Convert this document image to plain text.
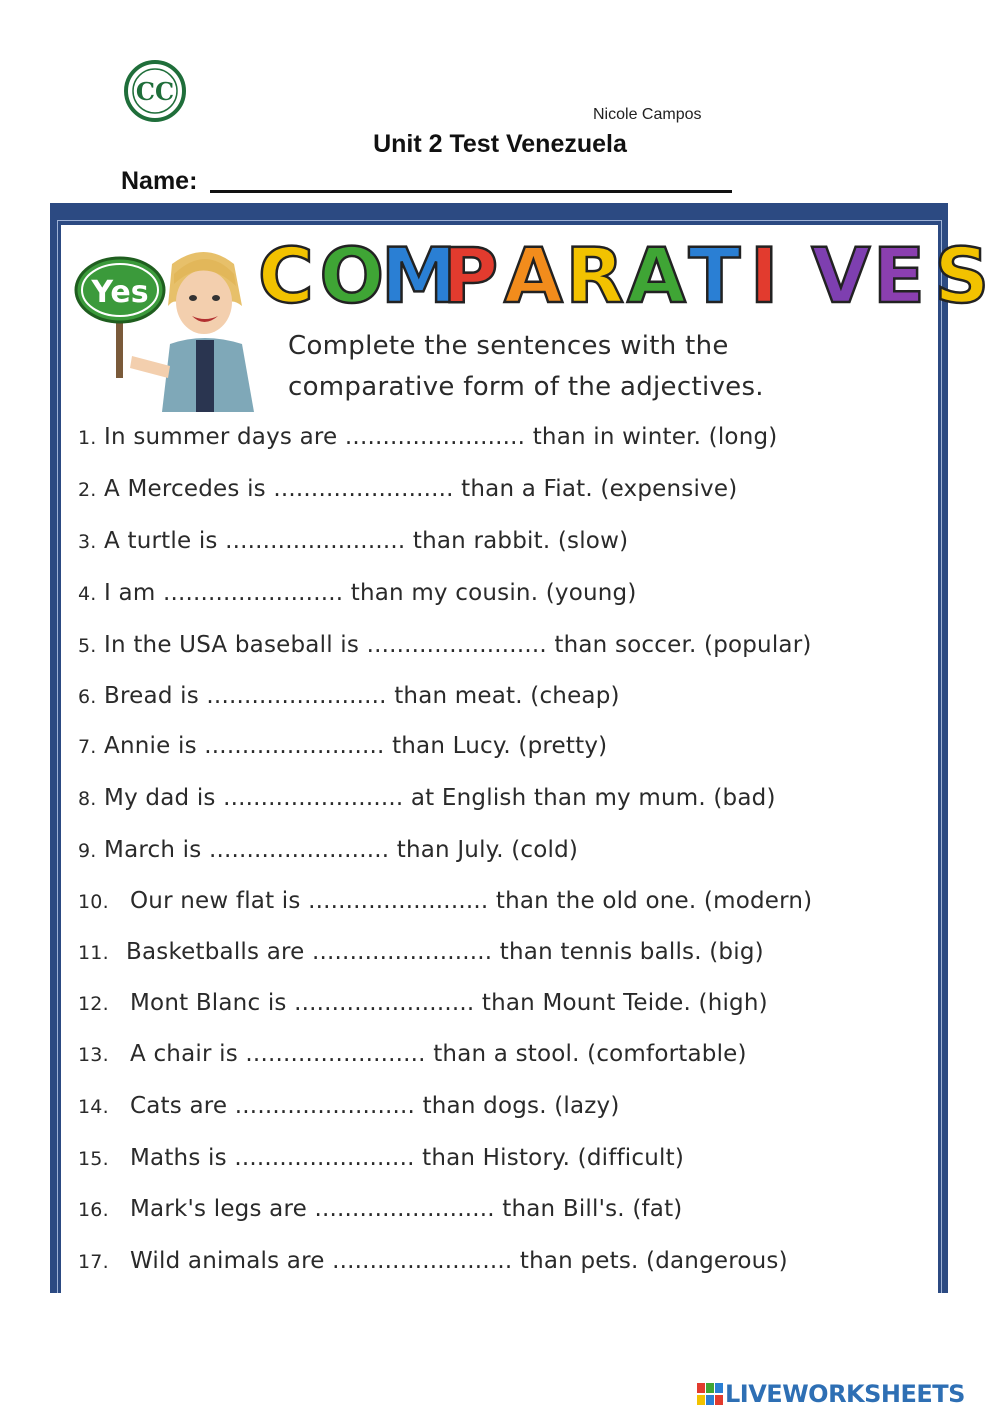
CC
Nicole Campos
Unit 2 Test Venezuela
Name:
Yes C O
M
P A R A T I V E S
Complete the sentences with the
comparative form of the adjectives.
1. In summer days are ........................ than in winter. (long)
2. A Mercedes is ........................ than a Fiat. (expensive)
3. A turtle is ........................ than rabbit. (slow)
4. I am ........................ than my cousin. (young)
5. In the USA baseball is ........................ than soccer. (popular)
6. Bread is ........................ than meat. (cheap)
7. Annie is ........................ than Lucy. (pretty)
8. My dad is ........................ at English than my mum. (bad)
9. March is ........................ than July. (cold)
10. Our new flat is ........................ than the old one. (modern)
11. Basketballs are ........................ than tennis balls. (big)
12. Mont Blanc is ........................ than Mount Teide. (high)
13. A chair is ........................ than a stool. (comfortable)
14. Cats are ........................ than dogs. (lazy)
15. Maths is ........................ than History. (difficult)
16. Mark's legs are ........................ than Bill's. (fat)
17. Wild animals are ........................ than pets. (dangerous)
LIVEWORKSHEETS
